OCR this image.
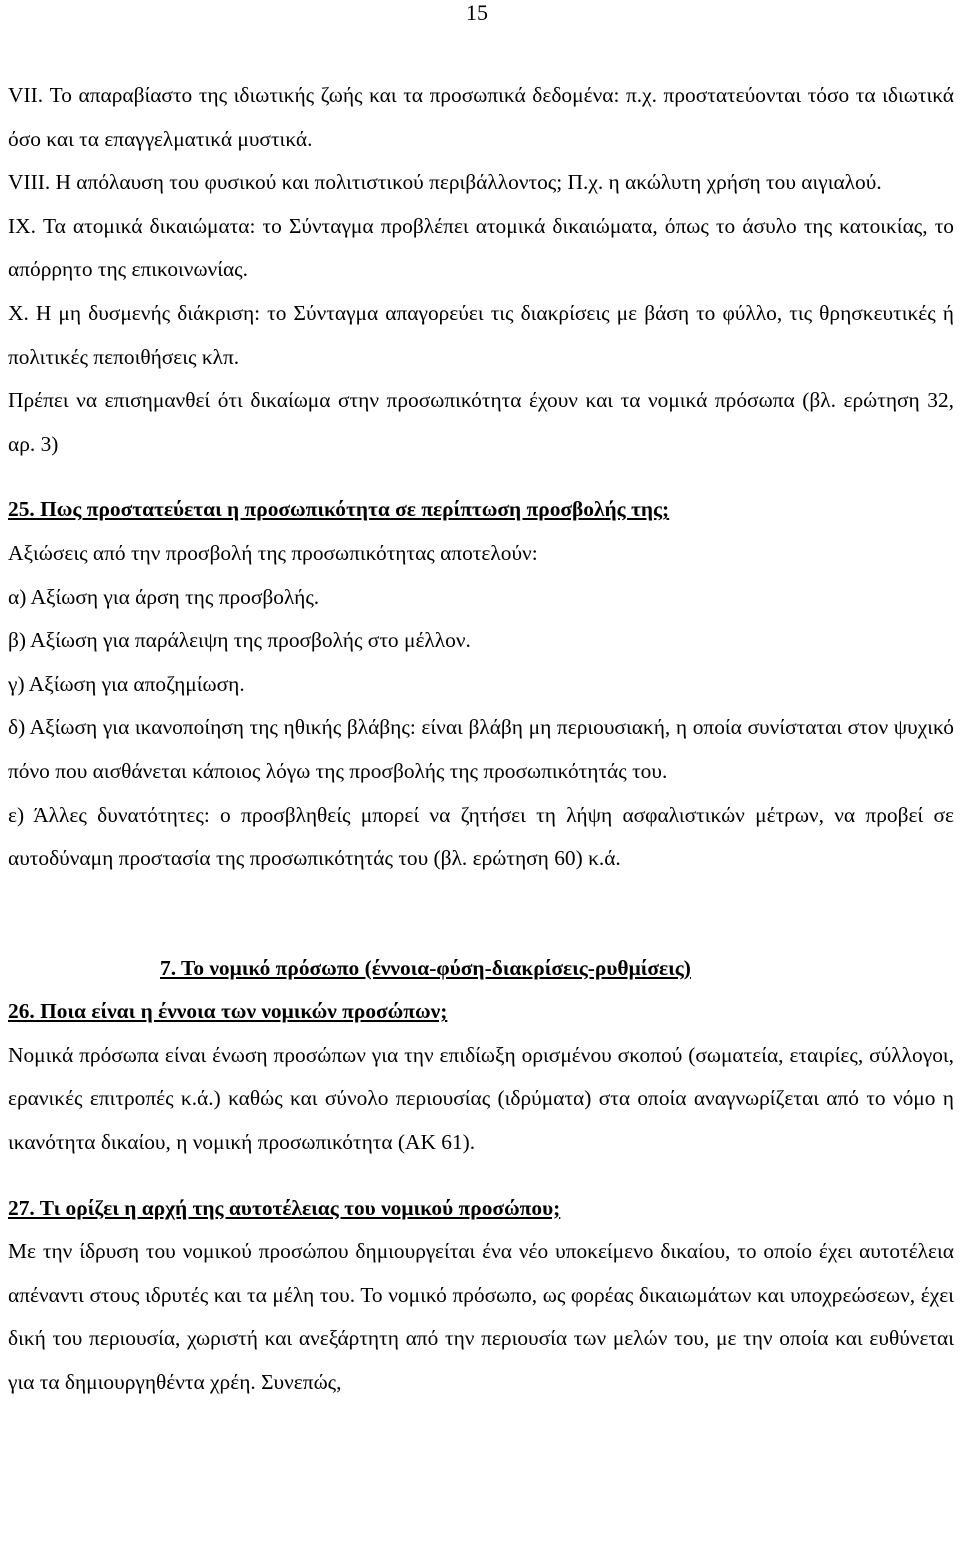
15

VII. Το απαραβίαστο της ιδιωτικής ζωής και τα προσωπικά δεδομένα: π.χ. προστατεύονται τόσο τα ιδιωτικά όσο και τα επαγγελματικά μυστικά.

VIII. Η απόλαυση του φυσικού και πολιτιστικού περιβάλλοντος; Π.χ. η ακώλυτη χρήση του αιγιαλού.

IX. Τα ατομικά δικαιώματα: το Σύνταγμα προβλέπει ατομικά δικαιώματα, όπως το άσυλο της κατοικίας, το απόρρητο της επικοινωνίας.

X. Η μη δυσμενής διάκριση: το Σύνταγμα απαγορεύει τις διακρίσεις με βάση το φύλλο, τις θρησκευτικές ή πολιτικές πεποιθήσεις κλπ.

Πρέπει να επισημανθεί ότι δικαίωμα στην προσωπικότητα έχουν και τα νομικά πρόσωπα (βλ. ερώτηση 32, αρ. 3)

25. Πως προστατεύεται η προσωπικότητα σε περίπτωση προσβολής της;

Αξιώσεις από την προσβολή της προσωπικότητας αποτελούν:

α) Αξίωση για άρση της προσβολής.

β) Αξίωση για παράλειψη της προσβολής στο μέλλον.

γ) Αξίωση για αποζημίωση.

δ) Αξίωση για ικανοποίηση της ηθικής βλάβης: είναι βλάβη μη περιουσιακή, η οποία συνίσταται στον ψυχικό πόνο που αισθάνεται κάποιος λόγω της προσβολής της προσωπικότητάς του.

ε) Άλλες δυνατότητες: ο προσβληθείς μπορεί να ζητήσει τη λήψη ασφαλιστικών μέτρων, να προβεί σε αυτοδύναμη προστασία της προσωπικότητάς του (βλ. ερώτηση 60) κ.ά.

7. Το νομικό πρόσωπο (έννοια-φύση-διακρίσεις-ρυθμίσεις)

26. Ποια είναι η έννοια των νομικών προσώπων;

Νομικά πρόσωπα είναι ένωση προσώπων για την επιδίωξη ορισμένου σκοπού (σωματεία, εταιρίες, σύλλογοι, ερανικές επιτροπές κ.ά.) καθώς και σύνολο περιουσίας (ιδρύματα) στα οποία αναγνωρίζεται από το νόμο η ικανότητα δικαίου, η νομική προσωπικότητα (ΑΚ 61).

27. Τι ορίζει η αρχή της αυτοτέλειας του νομικού προσώπου;

Με την ίδρυση του νομικού προσώπου δημιουργείται ένα νέο υποκείμενο δικαίου, το οποίο έχει αυτοτέλεια απέναντι στους ιδρυτές και τα μέλη του. Το νομικό πρόσωπο, ως φορέας δικαιωμάτων και υποχρεώσεων, έχει δική του περιουσία, χωριστή και ανεξάρτητη από την περιουσία των μελών του, με την οποία και ευθύνεται για τα δημιουργηθέντα χρέη. Συνεπώς,
